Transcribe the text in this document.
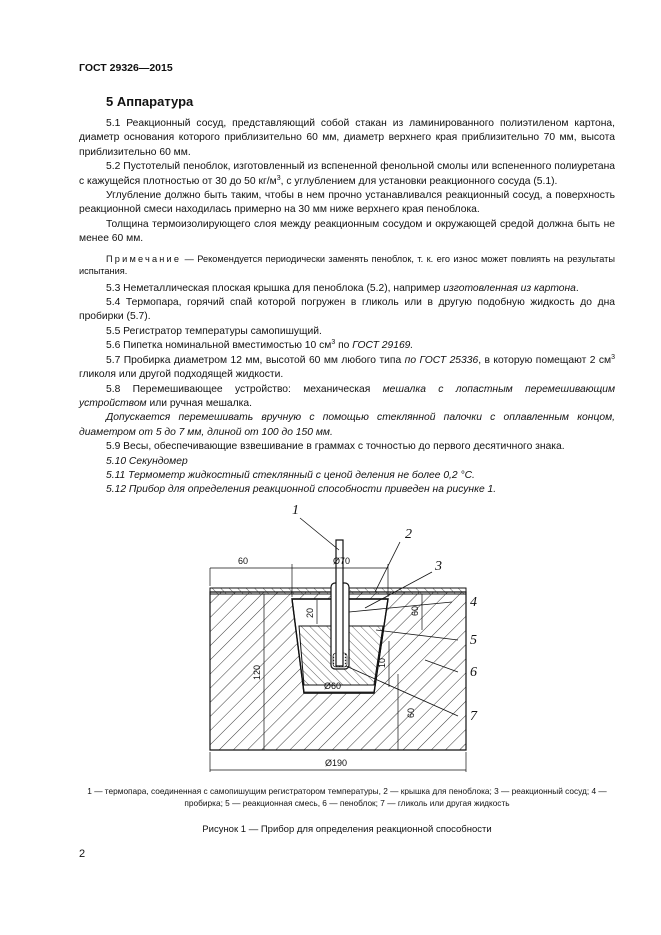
ГОСТ 29326—2015
5 Аппаратура

5.1 Реакционный сосуд, представляющий собой стакан из ламинированного полиэтиленом картона, диаметр основания которого приблизительно 60 мм, диаметр верхнего края приблизительно 70 мм, высота приблизительно 60 мм.

5.2 Пустотелый пеноблок, изготовленный из вспененной фенольной смолы или вспененного полиуретана с кажущейся плотностью от 30 до 50 $кг/м^3$, с углублением для установки реакционного сосуда (5.1).

Углубление должно быть таким, чтобы в нем прочно устанавливался реакционный сосуд, а поверхность реакционной смеси находилась примерно на 30 мм ниже верхнего края пеноблока.

Толщина термоизолирующего слоя между реакционным сосудом и окружающей средой должна быть не менее 60 мм.

Примечание — Рекомендуется периодически заменять пеноблок, т. к. его износ может повлиять на результаты испытания.

5.3 Неметаллическая плоская крышка для пеноблока (5.2), например изготовленная из картона.

5.4 Термопара, горячий спай которой погружен в гликоль или в другую подобную жидкость до дна пробирки (5.7).

5.5 Регистратор температуры самопишущий.

5.6 Пипетка номинальной вместимостью 10 $см^3$ по ГОСТ 29169.

5.7 Пробирка диаметром 12 мм, высотой 60 мм любого типа по ГОСТ 25336, в которую помещают 2 $см^3$ гликоля или другой подходящей жидкости.

5.8 Перемешивающее устройство: механическая мешалка с лопастным перемешивающим устройством или ручная мешалка.

Допускается перемешивать вручную с помощью стеклянной палочки с оплавленным концом, диаметром от 5 до 7 мм, длиной от 100 до 150 мм.

5.9 Весы, обеспечивающие взвешивание в граммах с точностью до первого десятичного знака.

5.10 Секундомер

5.11 Термометр жидкостный стеклянный с ценой деления не более 0,2 °С.

5.12 Прибор для определения реакционной способности приведен на рисунке 1.

60	Ø70
20
120
10
60
60
Ø60
Ø190
1
2
3
4
5
6
7
1 — термопара, соединенная с самопишущим регистратором температуры, 2 — крышка для пеноблока; 3 — реакционный сосуд; 4 — пробирка; 5 — реакционная смесь, 6 — пеноблок; 7 — гликоль или другая жидкость
Рисунок 1 — Прибор для определения реакционной способности
2
